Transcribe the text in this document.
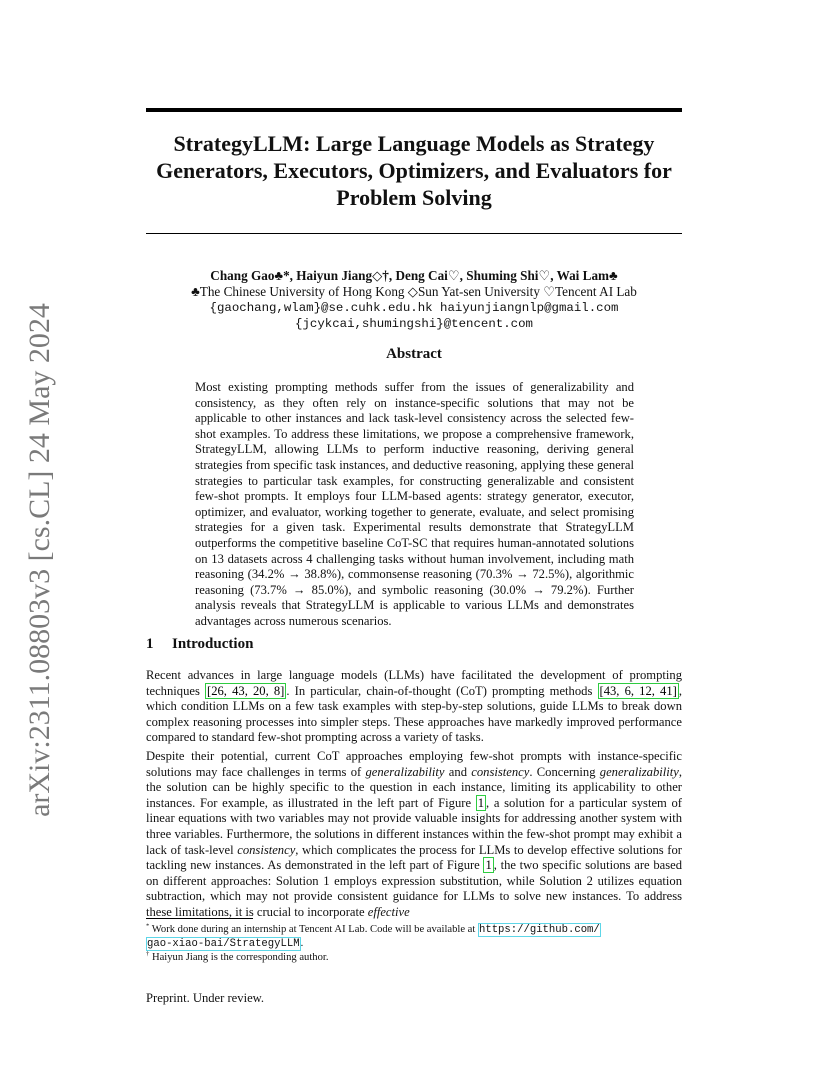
arXiv:2311.08803v3 [cs.CL] 24 May 2024
StrategyLLM: Large Language Models as Strategy Generators, Executors, Optimizers, and Evaluators for Problem Solving
Chang Gao♣*, Haiyun Jiang◇†, Deng Cai♡, Shuming Shi♡, Wai Lam♣
♣The Chinese University of Hong Kong ◇Sun Yat-sen University ♡Tencent AI Lab
{gaochang,wlam}@se.cuhk.edu.hk haiyunjiangnlp@gmail.com
{jcykcai,shumingshi}@tencent.com
Abstract
Most existing prompting methods suffer from the issues of generalizability and consistency, as they often rely on instance-specific solutions that may not be applicable to other instances and lack task-level consistency across the selected few-shot examples. To address these limitations, we propose a comprehensive framework, StrategyLLM, allowing LLMs to perform inductive reasoning, deriving general strategies from specific task instances, and deductive reasoning, applying these general strategies to particular task examples, for constructing generalizable and consistent few-shot prompts. It employs four LLM-based agents: strategy generator, executor, optimizer, and evaluator, working together to generate, evaluate, and select promising strategies for a given task. Experimental results demonstrate that StrategyLLM outperforms the competitive baseline CoT-SC that requires human-annotated solutions on 13 datasets across 4 challenging tasks without human involvement, including math reasoning (34.2% → 38.8%), commonsense reasoning (70.3% → 72.5%), algorithmic reasoning (73.7% → 85.0%), and symbolic reasoning (30.0% → 79.2%). Further analysis reveals that StrategyLLM is applicable to various LLMs and demonstrates advantages across numerous scenarios.
1 Introduction
Recent advances in large language models (LLMs) have facilitated the development of prompting techniques [26, 43, 20, 8] . In particular, chain-of-thought (CoT) prompting methods [43, 6, 12, 41] , which condition LLMs on a few task examples with step-by-step solutions, guide LLMs to break down complex reasoning processes into simpler steps. These approaches have markedly improved performance compared to standard few-shot prompting across a variety of tasks.
Despite their potential, current CoT approaches employing few-shot prompts with instance-specific solutions may face challenges in terms of generalizability and consistency. Concerning generalizability, the solution can be highly specific to the question in each instance, limiting its applicability to other instances. For example, as illustrated in the left part of Figure 1 , a solution for a particular system of linear equations with two variables may not provide valuable insights for addressing another system with three variables. Furthermore, the solutions in different instances within the few-shot prompt may exhibit a lack of task-level consistency, which complicates the process for LLMs to develop effective solutions for tackling new instances. As demonstrated in the left part of Figure 1 , the two specific solutions are based on different approaches: Solution 1 employs expression substitution, while Solution 2 utilizes equation subtraction, which may not provide consistent guidance for LLMs to solve new instances. To address these limitations, it is crucial to incorporate effective
* Work done during an internship at Tencent AI Lab. Code will be available at https://github.com/
gao-xiao-bai/StrategyLLM.
† Haiyun Jiang is the corresponding author.
Preprint. Under review.
